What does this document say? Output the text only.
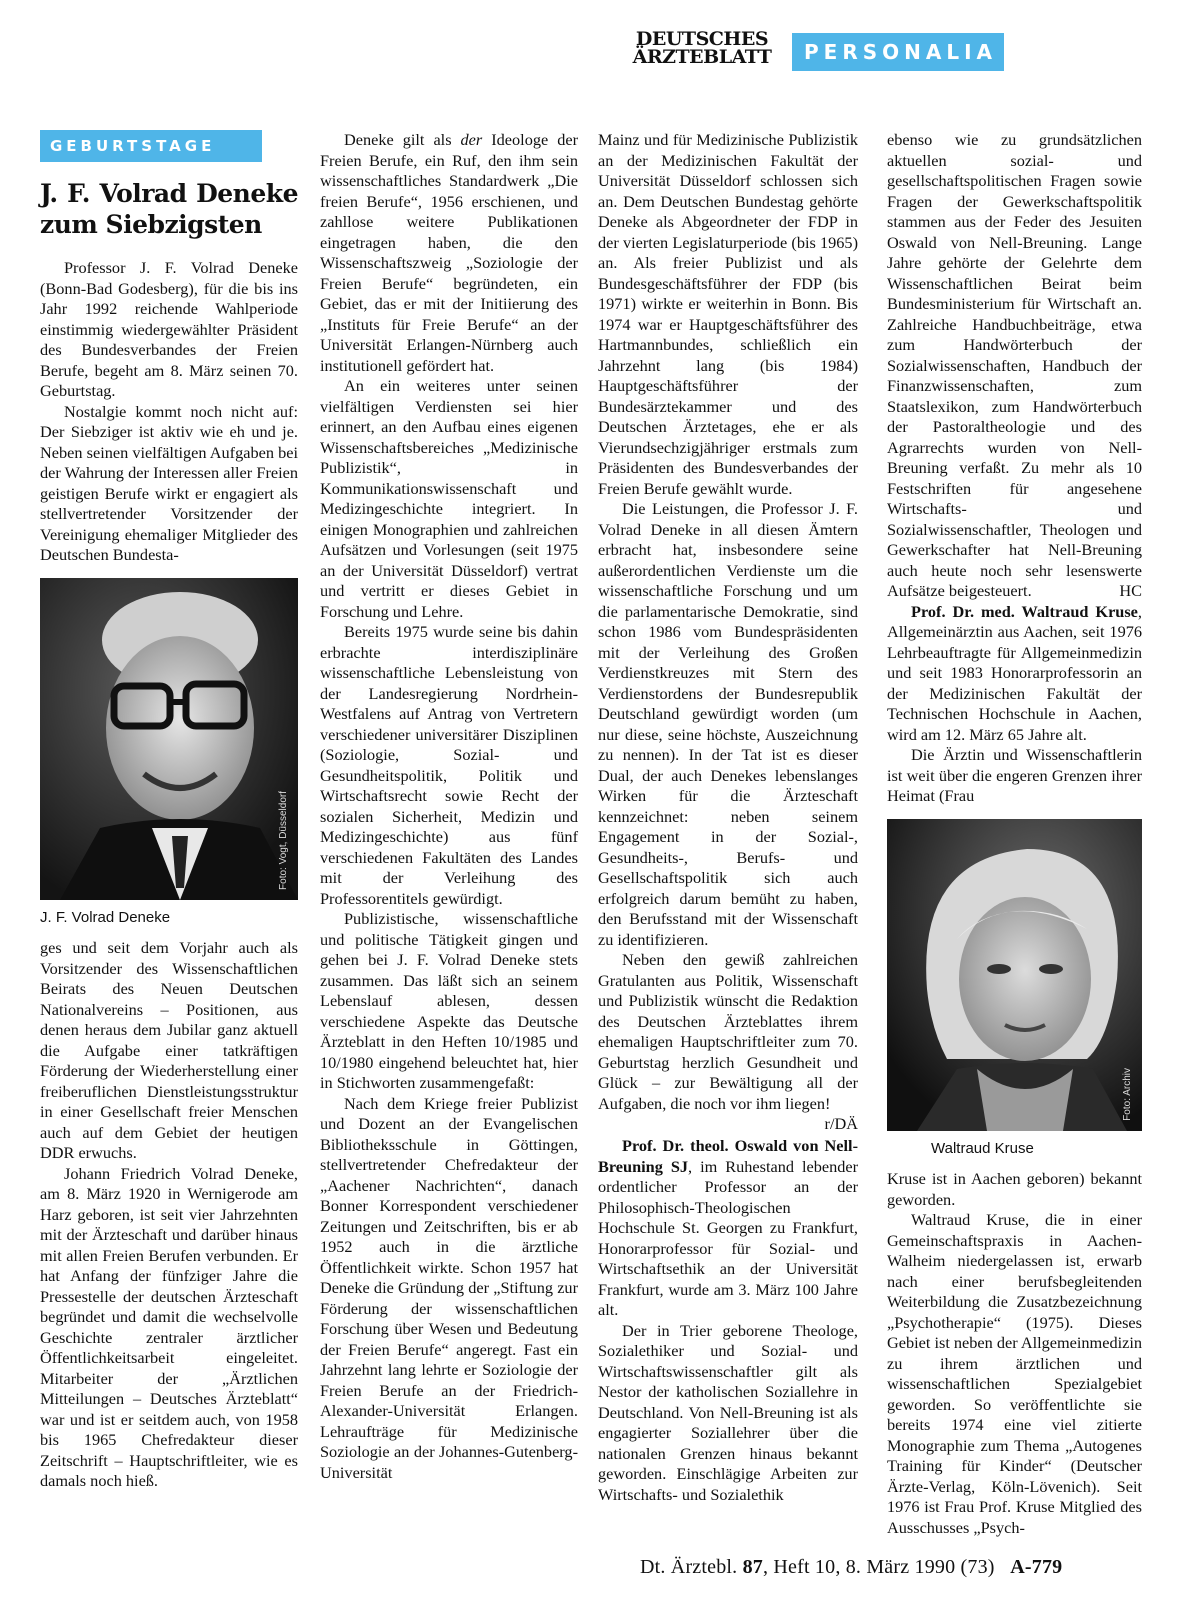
DEUTSCHES
ÄRZTEBLATT	PERSONALIA
GEBURTSTAGE
J. F. Volrad Deneke zum Siebzigsten

Professor J. F. Volrad Deneke (Bonn-Bad Godesberg), für die bis ins Jahr 1992 reichende Wahlperiode einstimmig wiedergewählter Präsident des Bundesverbandes der Freien Berufe, begeht am 8. März seinen 70. Geburtstag.

Nostalgie kommt noch nicht auf: Der Siebziger ist aktiv wie eh und je. Neben seinen vielfältigen Aufgaben bei der Wahrung der Interessen aller Freien geistigen Berufe wirkt er engagiert als stellvertretender Vorsitzender der Vereinigung ehemaliger Mitglieder des Deutschen Bundesta-

Foto: Vogt, Düsseldorf
J. F. Volrad Deneke

ges und seit dem Vorjahr auch als Vorsitzender des Wissenschaftlichen Beirats des Neuen Deutschen Nationalvereins – Positionen, aus denen heraus dem Jubilar ganz aktuell die Aufgabe einer tatkräftigen Förderung der Wiederherstellung einer freiberuflichen Dienstleistungsstruktur in einer Gesellschaft freier Menschen auch auf dem Gebiet der heutigen DDR erwuchs.

Johann Friedrich Volrad Deneke, am 8. März 1920 in Wernigerode am Harz geboren, ist seit vier Jahrzehnten mit der Ärzteschaft und darüber hinaus mit allen Freien Berufen verbunden. Er hat Anfang der fünfziger Jahre die Pressestelle der deutschen Ärzteschaft begründet und damit die wechselvolle Geschichte zentraler ärztlicher Öffentlichkeitsarbeit eingeleitet. Mitarbeiter der „Ärztlichen Mitteilungen – Deutsches Ärzteblatt“ war und ist er seitdem auch, von 1958 bis 1965 Chefredakteur dieser Zeitschrift – Hauptschriftleiter, wie es damals noch hieß.

Deneke gilt als der Ideologe der Freien Berufe, ein Ruf, den ihm sein wissenschaftliches Standardwerk „Die freien Berufe“, 1956 erschienen, und zahllose weitere Publikationen eingetragen haben, die den Wissenschaftszweig „Soziologie der Freien Berufe“ begründeten, ein Gebiet, das er mit der Initiierung des „Instituts für Freie Berufe“ an der Universität Erlangen-Nürnberg auch institutionell gefördert hat.

An ein weiteres unter seinen vielfältigen Verdiensten sei hier erinnert, an den Aufbau eines eigenen Wissenschaftsbereiches „Medizinische Publizistik“, in Kommunikationswissenschaft und Medizingeschichte integriert. In einigen Monographien und zahlreichen Aufsätzen und Vorlesungen (seit 1975 an der Universität Düsseldorf) vertrat und vertritt er dieses Gebiet in Forschung und Lehre.

Bereits 1975 wurde seine bis dahin erbrachte interdisziplinäre wissenschaftliche Lebensleistung von der Landesregierung Nordrhein-Westfalens auf Antrag von Vertretern verschiedener universitärer Disziplinen (Soziologie, Sozial- und Gesundheitspolitik, Politik und Wirtschaftsrecht sowie Recht der sozialen Sicherheit, Medizin und Medizingeschichte) aus fünf verschiedenen Fakultäten des Landes mit der Verleihung des Professorentitels gewürdigt.

Publizistische, wissenschaftliche und politische Tätigkeit gingen und gehen bei J. F. Volrad Deneke stets zusammen. Das läßt sich an seinem Lebenslauf ablesen, dessen verschiedene Aspekte das Deutsche Ärzteblatt in den Heften 10/1985 und 10/1980 eingehend beleuchtet hat, hier in Stichworten zusammengefaßt:

Nach dem Kriege freier Publizist und Dozent an der Evangelischen Bibliotheksschule in Göttingen, stellvertretender Chefredakteur der „Aachener Nachrichten“, danach Bonner Korrespondent verschiedener Zeitungen und Zeitschriften, bis er ab 1952 auch in die ärztliche Öffentlichkeit wirkte. Schon 1957 hat Deneke die Gründung der „Stiftung zur Förderung der wissenschaftlichen Forschung über Wesen und Bedeutung der Freien Berufe“ angeregt. Fast ein Jahrzehnt lang lehrte er Soziologie der Freien Berufe an der Friedrich-Alexander-Universität Erlangen. Lehraufträge für Medizinische Soziologie an der Johannes-Gutenberg-Universität

Mainz und für Medizinische Publizistik an der Medizinischen Fakultät der Universität Düsseldorf schlossen sich an. Dem Deutschen Bundestag gehörte Deneke als Abgeordneter der FDP in der vierten Legislaturperiode (bis 1965) an. Als freier Publizist und als Bundesgeschäftsführer der FDP (bis 1971) wirkte er weiterhin in Bonn. Bis 1974 war er Hauptgeschäftsführer des Hartmannbundes, schließlich ein Jahrzehnt lang (bis 1984) Hauptgeschäftsführer der Bundesärztekammer und des Deutschen Ärztetages, ehe er als Vierundsechzigjähriger erstmals zum Präsidenten des Bundesverbandes der Freien Berufe gewählt wurde.

Die Leistungen, die Professor J. F. Volrad Deneke in all diesen Ämtern erbracht hat, insbesondere seine außerordentlichen Verdienste um die wissenschaftliche Forschung und um die parlamentarische Demokratie, sind schon 1986 vom Bundespräsidenten mit der Verleihung des Großen Verdienstkreuzes mit Stern des Verdienstordens der Bundesrepublik Deutschland gewürdigt worden (um nur diese, seine höchste, Auszeichnung zu nennen). In der Tat ist es dieser Dual, der auch Denekes lebenslanges Wirken für die Ärzteschaft kennzeichnet: neben seinem Engagement in der Sozial-, Gesundheits-, Berufs- und Gesellschaftspolitik sich auch erfolgreich darum bemüht zu haben, den Berufsstand mit der Wissenschaft zu identifizieren.

Neben den gewiß zahlreichen Gratulanten aus Politik, Wissenschaft und Publizistik wünscht die Redaktion des Deutschen Ärzteblattes ihrem ehemaligen Hauptschriftleiter zum 70. Geburtstag herzlich Gesundheit und Glück – zur Bewältigung all der Aufgaben, die noch vor ihm liegen!
r/DÄ

Prof. Dr. theol. Oswald von Nell-Breuning SJ, im Ruhestand lebender ordentlicher Professor an der Philosophisch-Theologischen Hochschule St. Georgen zu Frankfurt, Honorarprofessor für Sozial- und Wirtschaftsethik an der Universität Frankfurt, wurde am 3. März 100 Jahre alt.

Der in Trier geborene Theologe, Sozialethiker und Sozial- und Wirtschaftswissenschaftler gilt als Nestor der katholischen Soziallehre in Deutschland. Von Nell-Breuning ist als engagierter Soziallehrer über die nationalen Grenzen hinaus bekannt geworden. Einschlägige Arbeiten zur Wirtschafts- und Sozialethik

ebenso wie zu grundsätzlichen aktuellen sozial- und gesellschaftspolitischen Fragen sowie Fragen der Gewerkschaftspolitik stammen aus der Feder des Jesuiten Oswald von Nell-Breuning. Lange Jahre gehörte der Gelehrte dem Wissenschaftlichen Beirat beim Bundesministerium für Wirtschaft an. Zahlreiche Handbuchbeiträge, etwa zum Handwörterbuch der Sozialwissenschaften, Handbuch der Finanzwissenschaften, zum Staatslexikon, zum Handwörterbuch der Pastoraltheologie und des Agrarrechts wurden von Nell-Breuning verfaßt. Zu mehr als 10 Festschriften für angesehene Wirtschafts- und Sozialwissenschaftler, Theologen und Gewerkschafter hat Nell-Breuning auch heute noch sehr lesenswerte Aufsätze beigesteuert.	HC

Prof. Dr. med. Waltraud Kruse, Allgemeinärztin aus Aachen, seit 1976 Lehrbeauftragte für Allgemeinmedizin und seit 1983 Honorarprofessorin an der Medizinischen Fakultät der Technischen Hochschule in Aachen, wird am 12. März 65 Jahre alt.

Die Ärztin und Wissenschaftlerin ist weit über die engeren Grenzen ihrer Heimat (Frau

Foto: Archiv
Waltraud Kruse

Kruse ist in Aachen geboren) bekannt geworden.

Waltraud Kruse, die in einer Gemeinschaftspraxis in Aachen-Walheim niedergelassen ist, erwarb nach einer berufsbegleitenden Weiterbildung die Zusatzbezeichnung „Psychotherapie“ (1975). Dieses Gebiet ist neben der Allgemeinmedizin zu ihrem ärztlichen und wissenschaftlichen Spezialgebiet geworden. So veröffentlichte sie bereits 1974 eine viel zitierte Monographie zum Thema „Autogenes Training für Kinder“ (Deutscher Ärzte-Verlag, Köln-Lövenich). Seit 1976 ist Frau Prof. Kruse Mitglied des Ausschusses „Psych-

Dt. Ärztebl. 87, Heft 10, 8. März 1990 (73) A-779
